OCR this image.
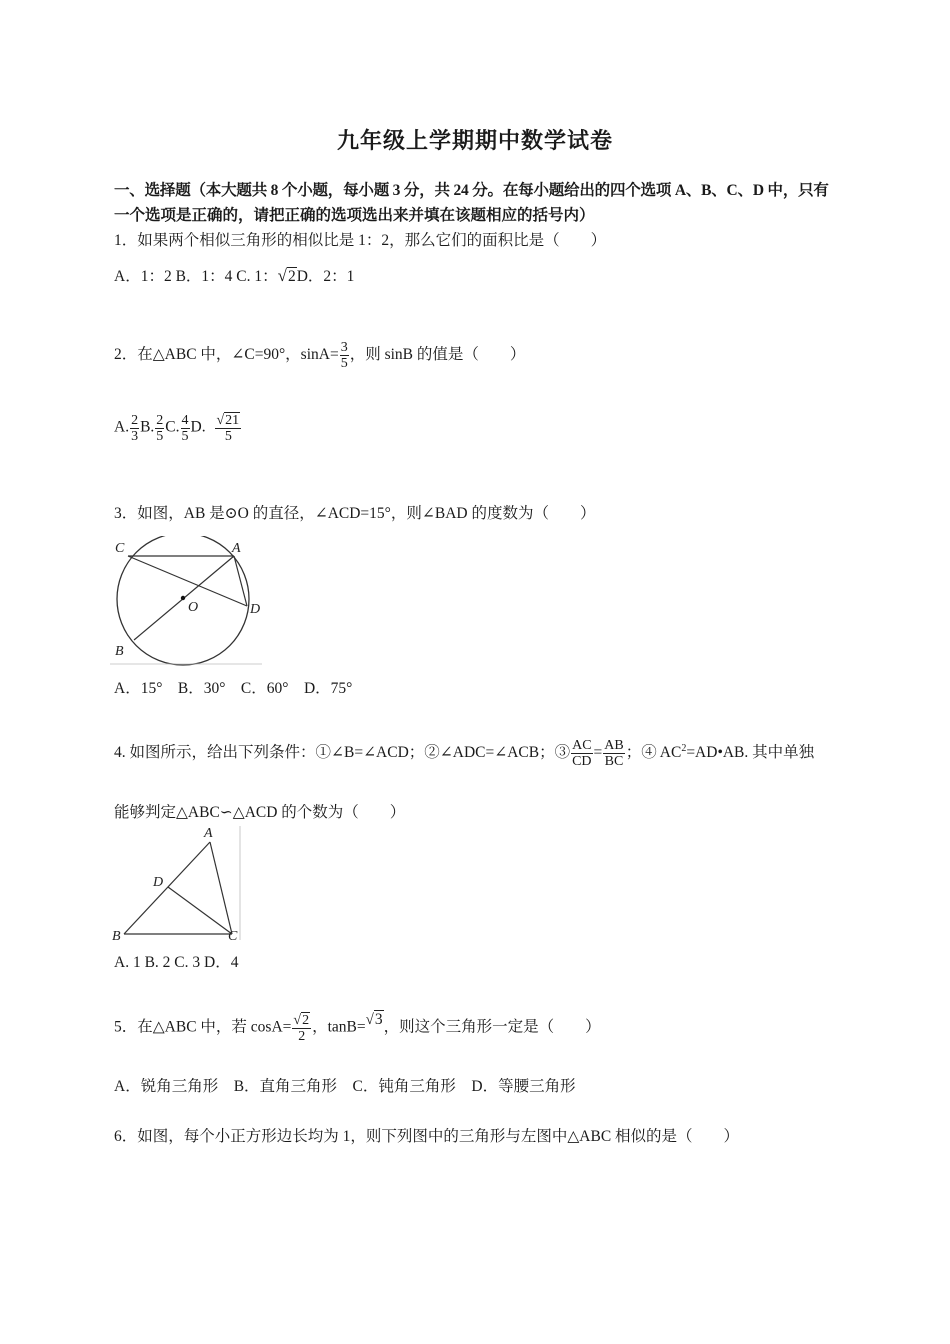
九年级上学期期中数学试卷
一、选择题（本大题共 8 个小题，每小题 3 分，共 24 分。在每小题给出的四个选项 A、B、C、D 中，只有
一个选项是正确的，请把正确的选项选出来并填在该题相应的括号内）
1．如果两个相似三角形的相似比是 1：2，那么它们的面积比是（　　）
A．1：2 B．1：4 C. 1：√2D．2：1
2．在△ABC 中，∠C=90°，$\sin A= \frac{3}{5}$ ，则 sinB 的值是（　　）
A. $\frac{2}{3} B$. $\frac{2}{5} C$. $\frac{4}{5} D$. $\frac{√21}{5}$
3．如图，AB 是⊙O 的直径，∠ACD=15°，则∠BAD 的度数为（　　）
C	A
O	D
B
A．15°　B．30°　C．60°　D．75°
4. 如图所示，给出下列条件：①∠B=∠ACD；②∠ADC=∠ACB；③ $\frac{AC}{CD} = \frac{AB}{BC}$ ；④ $AC^2=AD•AB$. 其中单独
能够判定△ABC∽△ACD 的个数为（　　）
A
D
B	C
A. 1 B. 2 C. 3 D．4
5．在△ABC 中，若 $\cos A= \frac{√2}{2}$ ，tanB=√3，则这个三角形一定是（　　）
A．锐角三角形　B．直角三角形　C．钝角三角形　D．等腰三角形
6．如图，每个小正方形边长均为 1，则下列图中的三角形与左图中△ABC 相似的是（　　）
